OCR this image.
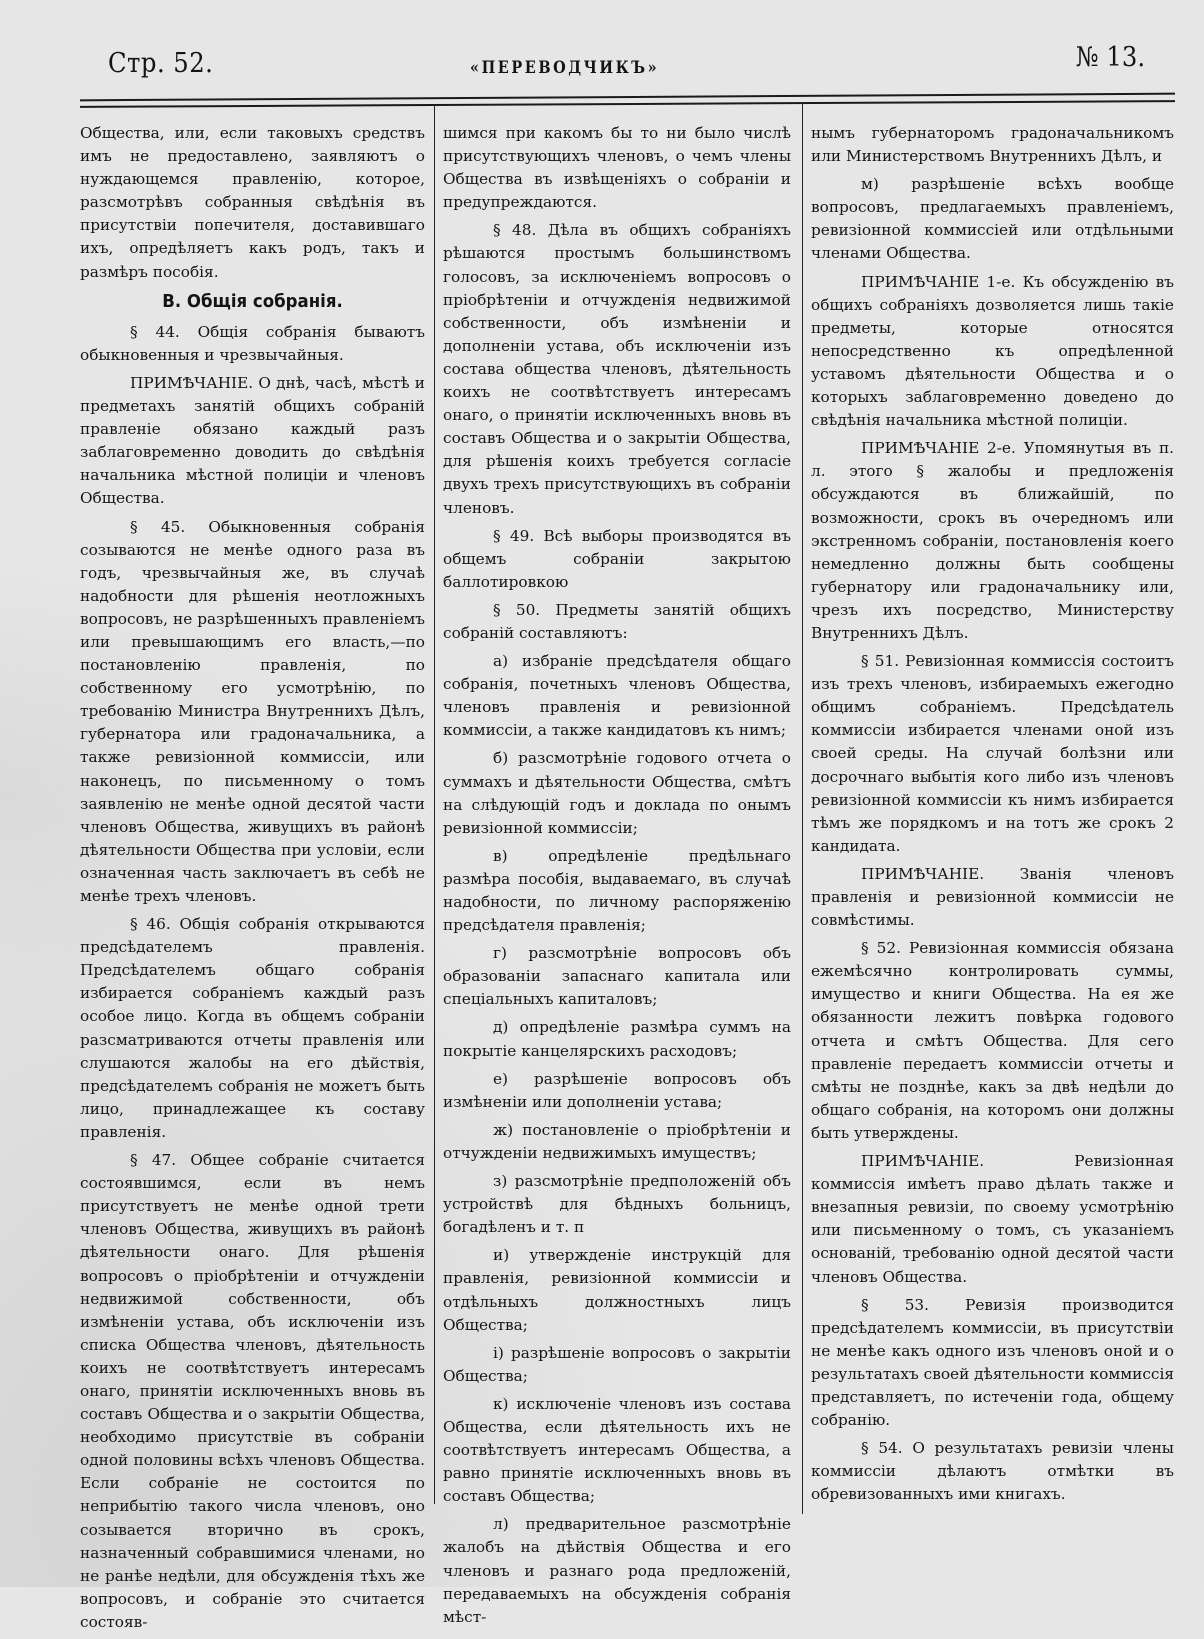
Стр. 52.	«ПЕРЕВОДЧИКЪ»	№ 13.

Общества, или, если таковыхъ средствъ имъ не предоставлено, заявляютъ о нуждающемся правленію, которое, разсмотрѣвъ собранныя свѣдѣнія въ присутствіи попечителя, доставившаго ихъ, опредѣляетъ какъ родъ, такъ и размѣръ пособія.

В. Общія собранія.

§ 44. Общія собранія бываютъ обыкновенныя и чрезвычайныя.

ПРИМѢЧАНІЕ. О днѣ, часѣ, мѣстѣ и предметахъ занятій общихъ собраній правленіе обязано каждый разъ заблаговременно доводить до свѣдѣнія начальника мѣстной полиціи и членовъ Общества.

§ 45. Обыкновенныя собранія созываются не менѣе одного раза въ годъ, чрезвычайныя же, въ случаѣ надобности для рѣшенія неотложныхъ вопросовъ, не разрѣшенныхъ правленіемъ или превышающимъ его власть,—по постановленію правленія, по собственному его усмотрѣнію, по требованію Министра Внутреннихъ Дѣлъ, губернатора или градоначальника, а также ревизіонной коммиссіи, или наконецъ, по письменному о томъ заявленію не менѣе одной десятой части членовъ Общества, живущихъ въ районѣ дѣятельности Общества при условіи, если означенная часть заключаетъ въ себѣ не менѣе трехъ членовъ.

§ 46. Общія собранія открываются предсѣдателемъ правленія. Предсѣдателемъ общаго собранія избирается собраніемъ каждый разъ особое лицо. Когда въ общемъ собраніи разсматриваются отчеты правленія или слушаются жалобы на его дѣйствія, предсѣдателемъ собранія не можетъ быть лицо, принадлежащее къ составу правленія.

§ 47. Общее собраніе считается состоявшимся, если въ немъ присутствуетъ не менѣе одной трети членовъ Общества, живущихъ въ районѣ дѣятельности онаго. Для рѣшенія вопросовъ о пріобрѣтеніи и отчужденіи недвижимой собственности, объ измѣненіи устава, объ исключеніи изъ списка Общества членовъ, дѣятельность коихъ не соотвѣтствуетъ интересамъ онаго, принятіи исключенныхъ вновь въ составъ Общества и о закрытіи Общества, необходимо присутствіе въ собраніи одной половины всѣхъ членовъ Общества. Если собраніе не состоится по неприбытію такого числа членовъ, оно созывается вторично въ срокъ, назначенный собравшимися членами, но не ранѣе недѣли, для обсужденія тѣхъ же вопросовъ, и собраніе это считается состояв-

шимся при какомъ бы то ни было числѣ присутствующихъ членовъ, о чемъ члены Общества въ извѣщеніяхъ о собраніи и предупреждаются.

§ 48. Дѣла въ общихъ собраніяхъ рѣшаются простымъ большинствомъ голосовъ, за исключеніемъ вопросовъ о пріобрѣтеніи и отчужденія недвижимой собственности, объ измѣненіи и дополненіи устава, объ исключеніи изъ состава общества членовъ, дѣятельность коихъ не соотвѣтствуетъ интересамъ онаго, о принятіи исключенныхъ вновь въ составъ Общества и о закрытіи Общества, для рѣшенія коихъ требуется согласіе двухъ трехъ присутствующихъ въ собраніи членовъ.

§ 49. Всѣ выборы производятся въ общемъ собраніи закрытою баллотировкою

§ 50. Предметы занятій общихъ собраній составляютъ:

а) избраніе предсѣдателя общаго собранія, почетныхъ членовъ Общества, членовъ правленія и ревизіонной коммиссіи, а также кандидатовъ къ нимъ;

б) разсмотрѣніе годового отчета о суммахъ и дѣятельности Общества, смѣтъ на слѣдующій годъ и доклада по онымъ ревизіонной коммиссіи;

в) опредѣленіе предѣльнаго размѣра пособія, выдаваемаго, въ случаѣ надобности, по личному распоряженію предсѣдателя правленія;

г) разсмотрѣніе вопросовъ объ образованіи запаснаго капитала или спеціальныхъ капиталовъ;

д) опредѣленіе размѣра суммъ на покрытіе канцелярскихъ расходовъ;

е) разрѣшеніе вопросовъ объ измѣненіи или дополненіи устава;

ж) постановленіе о пріобрѣтеніи и отчужденіи недвижимыхъ имуществъ;

з) разсмотрѣніе предположеній объ устройствѣ для бѣдныхъ больницъ, богадѣленъ и т. п

и) утвержденіе инструкцій для правленія, ревизіонной коммиссіи и отдѣльныхъ должностныхъ лицъ Общества;

і) разрѣшеніе вопросовъ о закрытіи Общества;

к) исключеніе членовъ изъ состава Общества, если дѣятельность ихъ не соотвѣтствуетъ интересамъ Общества, а равно принятіе исключенныхъ вновь въ составъ Общества;

л) предварительное разсмотрѣніе жалобъ на дѣйствія Общества и его членовъ и разнаго рода предложеній, передаваемыхъ на обсужденія собранія мѣст-

нымъ губернаторомъ градоначальникомъ или Министерствомъ Внутреннихъ Дѣлъ, и

м) разрѣшеніе всѣхъ вообще вопросовъ, предлагаемыхъ правленіемъ, ревизіонной коммиссіей или отдѣльными членами Общества.

ПРИМѢЧАНІЕ 1-е. Къ обсужденію въ общихъ собраніяхъ дозволяется лишь такіе предметы, которые относятся непосредственно къ опредѣленной уставомъ дѣятельности Общества и о которыхъ заблаговременно доведено до свѣдѣнія начальника мѣстной полиціи.

ПРИМѢЧАНІЕ 2-е. Упомянутыя въ п. л. этого § жалобы и предложенія обсуждаются въ ближайшій, по возможности, срокъ въ очередномъ или экстренномъ собраніи, постановленія коего немедленно должны быть сообщены губернатору или градоначальнику или, чрезъ ихъ посредство, Министерству Внутреннихъ Дѣлъ.

§ 51. Ревизіонная коммиссія состоитъ изъ трехъ членовъ, избираемыхъ ежегодно общимъ собраніемъ. Предсѣдатель коммиссіи избирается членами оной изъ своей среды. На случай болѣзни или досрочнаго выбытія кого либо изъ членовъ ревизіонной коммиссіи къ нимъ избирается тѣмъ же порядкомъ и на тотъ же срокъ 2 кандидата.

ПРИМѢЧАНІЕ. Званія членовъ правленія и ревизіонной коммиссіи не совмѣстимы.

§ 52. Ревизіонная коммиссія обязана ежемѣсячно контролировать суммы, имущество и книги Общества. На ея же обязанности лежитъ повѣрка годового отчета и смѣтъ Общества. Для сего правленіе передаетъ коммиссіи отчеты и смѣты не позднѣе, какъ за двѣ недѣли до общаго собранія, на которомъ они должны быть утверждены.

ПРИМѢЧАНІЕ. Ревизіонная коммиссія имѣетъ право дѣлать также и внезапныя ревизіи, по своему усмотрѣнію или письменному о томъ, съ указаніемъ основаній, требованію одной десятой части членовъ Общества.

§ 53. Ревизія производится предсѣдателемъ коммиссіи, въ присутствіи не менѣе какъ одного изъ членовъ оной и о результатахъ своей дѣятельности коммиссія представляетъ, по истеченіи года, общему собранію.

§ 54. О результатахъ ревизіи члены коммиссіи дѣлаютъ отмѣтки въ обревизованныхъ ими книгахъ.
